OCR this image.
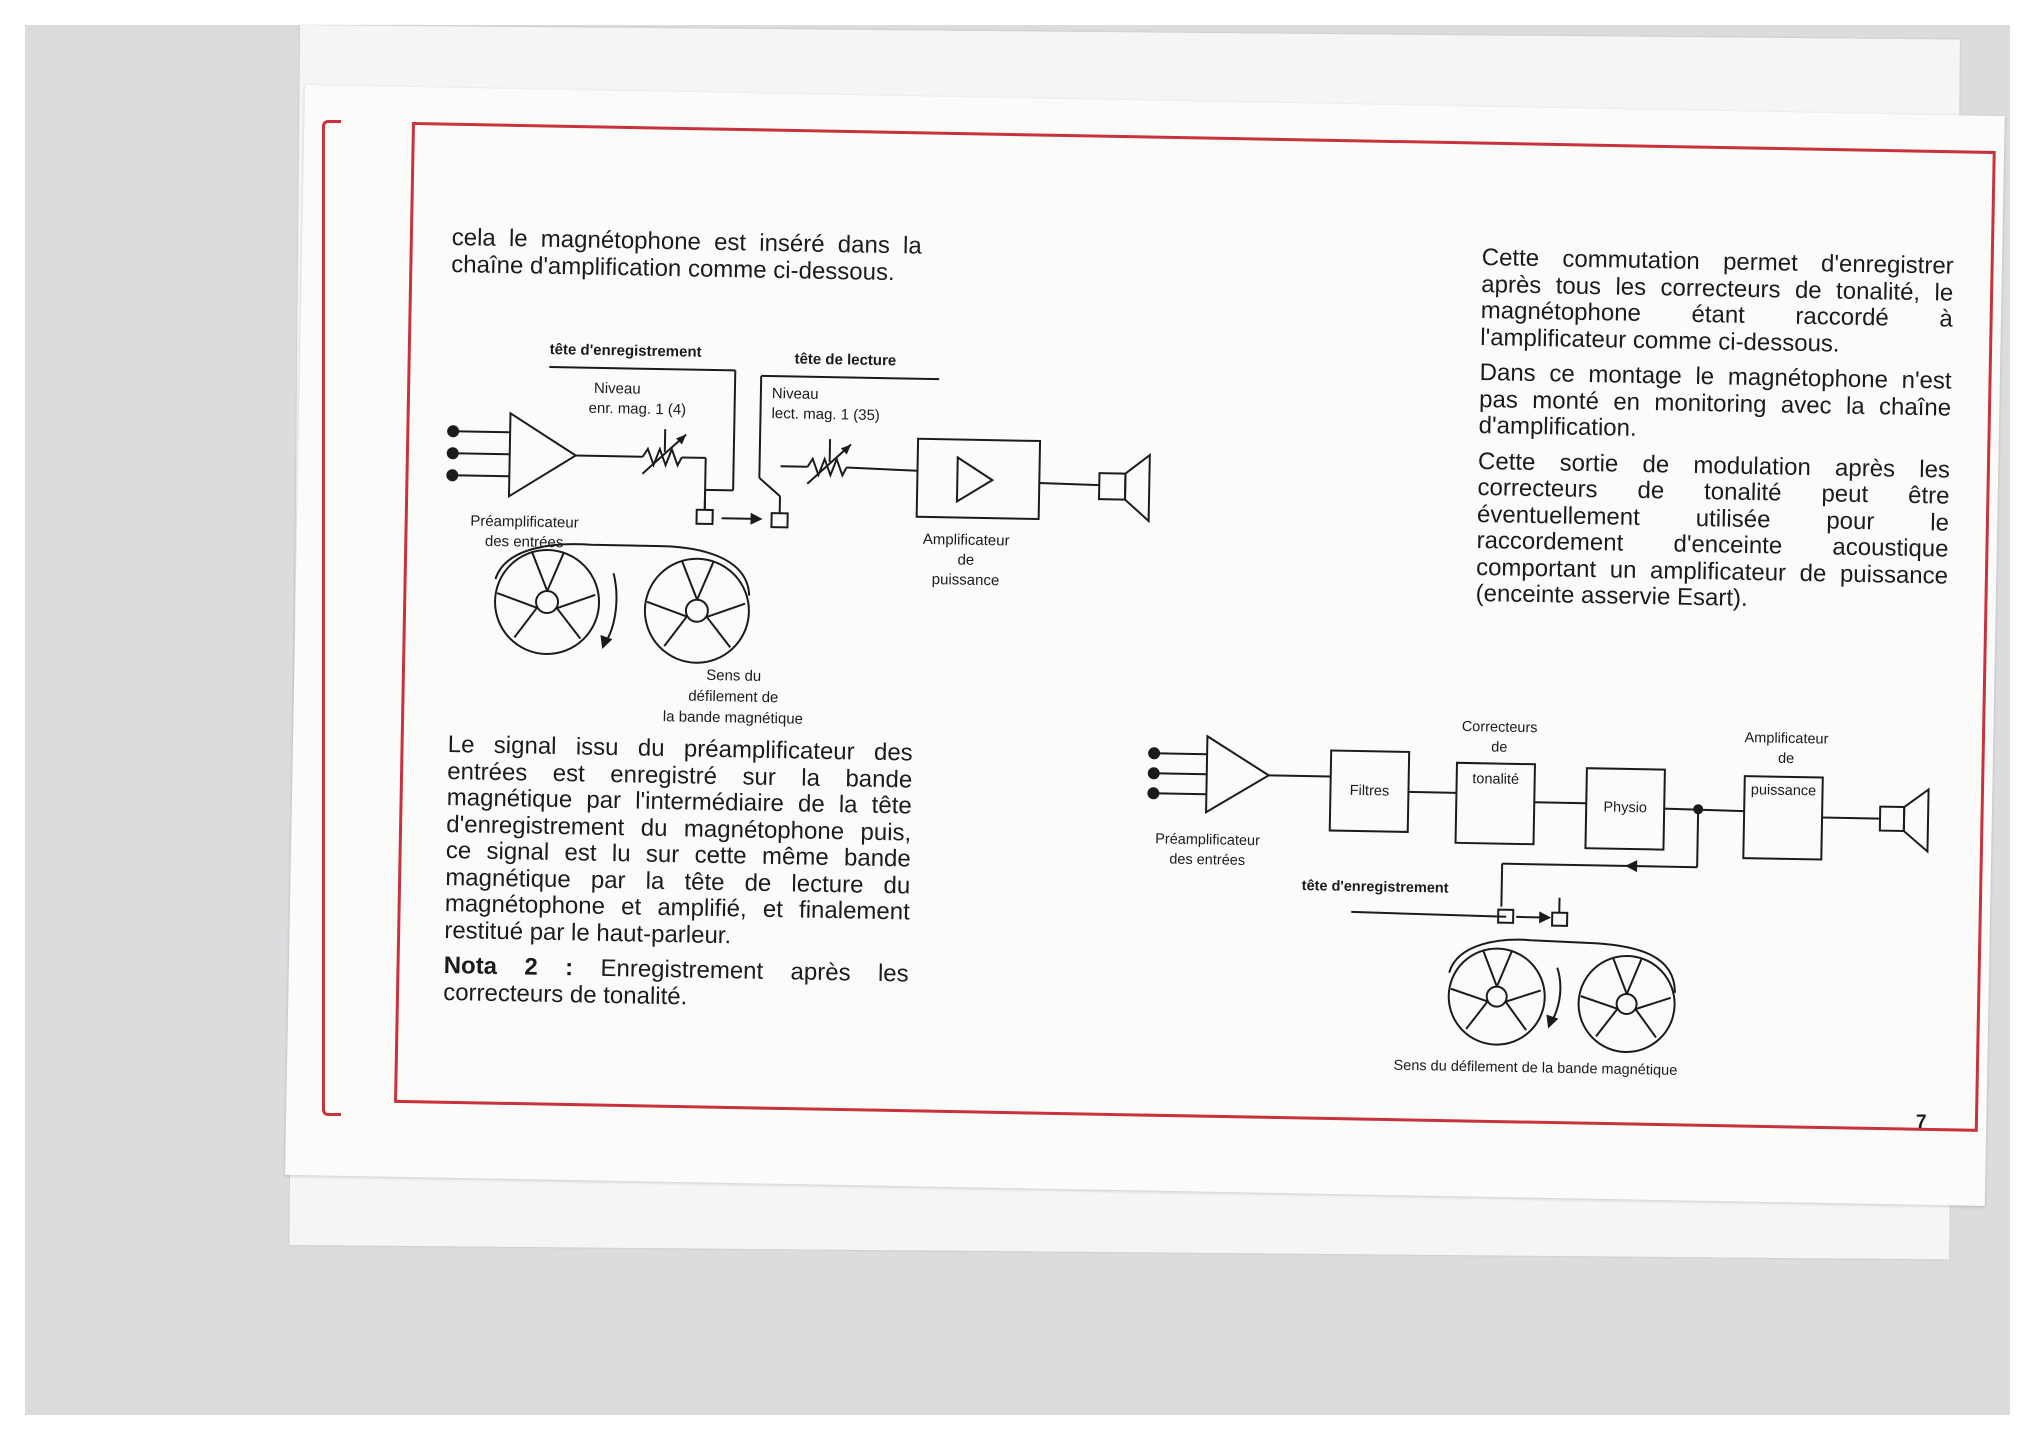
cela le magnétophone est inséré dans la chaîne d'amplification comme ci-dessous.

tête d'enregistrement	tête de lecture
Niveau
enr. mag. 1 (4)
Niveau
lect. mag. 1 (35)
Préamplificateur
des entrées	Amplificateur
de
puissance
Sens du
défilement de
la bande magnétique

Le signal issu du préamplificateur des entrées est enregistré sur la bande magnétique par l'intermédiaire de la tête d'enregistrement du magnétophone puis, ce signal est lu sur cette même bande magnétique par la tête de lecture du magnétophone et amplifié, et finalement restitué par le haut-parleur.

Nota 2 : Enregistrement après les correcteurs de tonalité.

Cette commutation permet d'enregistrer après tous les correcteurs de tonalité, le magnétophone étant raccordé à l'amplificateur comme ci-dessous.

Dans ce montage le magnétophone n'est pas monté en monitoring avec la chaîne d'amplification.

Cette sortie de modulation après les correcteurs de tonalité peut être éventuellement utilisée pour le raccordement d'enceinte acoustique comportant un amplificateur de puissance (enceinte asservie Esart).

Correcteurs
de
tonalité
Filtres
Physio
Amplificateur
de
puissance
Préamplificateur
des entrées
tête d'enregistrement
Sens du défilement de la bande magnétique
7
